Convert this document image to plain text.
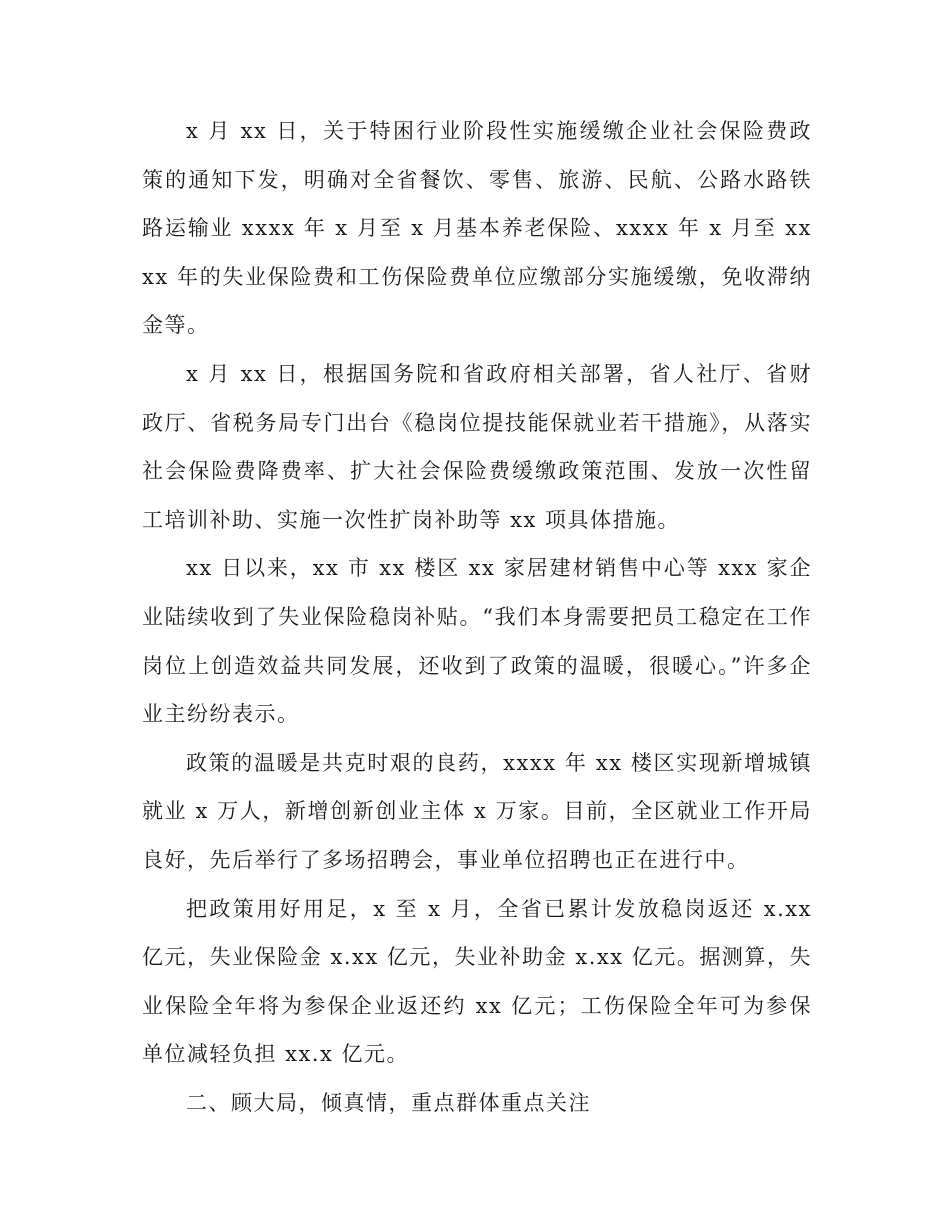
x 月 xx 日，关于特困行业阶段性实施缓缴企业社会保险费政策的通知下发，明确对全省餐饮、零售、旅游、民航、公路水路铁路运输业 xxxx 年 x 月至 x 月基本养老保险、xxxx 年 x 月至 xxxx 年的失业保险费和工伤保险费单位应缴部分实施缓缴，免收滞纳金等。

x 月 xx 日，根据国务院和省政府相关部署，省人社厅、省财政厅、省税务局专门出台《稳岗位提技能保就业若干措施》，从落实社会保险费降费率、扩大社会保险费缓缴政策范围、发放一次性留工培训补助、实施一次性扩岗补助等 xx 项具体措施。

xx 日以来，xx 市 xx 楼区 xx 家居建材销售中心等 xxx 家企业陆续收到了失业保险稳岗补贴。“我们本身需要把员工稳定在工作岗位上创造效益共同发展，还收到了政策的温暖，很暖心。”许多企业主纷纷表示。

政策的温暖是共克时艰的良药，xxxx 年 xx 楼区实现新增城镇就业 x 万人，新增创新创业主体 x 万家。目前，全区就业工作开局良好，先后举行了多场招聘会，事业单位招聘也正在进行中。

把政策用好用足，x 至 x 月，全省已累计发放稳岗返还 x.xx 亿元，失业保险金 x.xx 亿元，失业补助金 x.xx 亿元。据测算，失业保险全年将为参保企业返还约 xx 亿元；工伤保险全年可为参保单位减轻负担 xx.x 亿元。

二、顾大局，倾真情，重点群体重点关注
